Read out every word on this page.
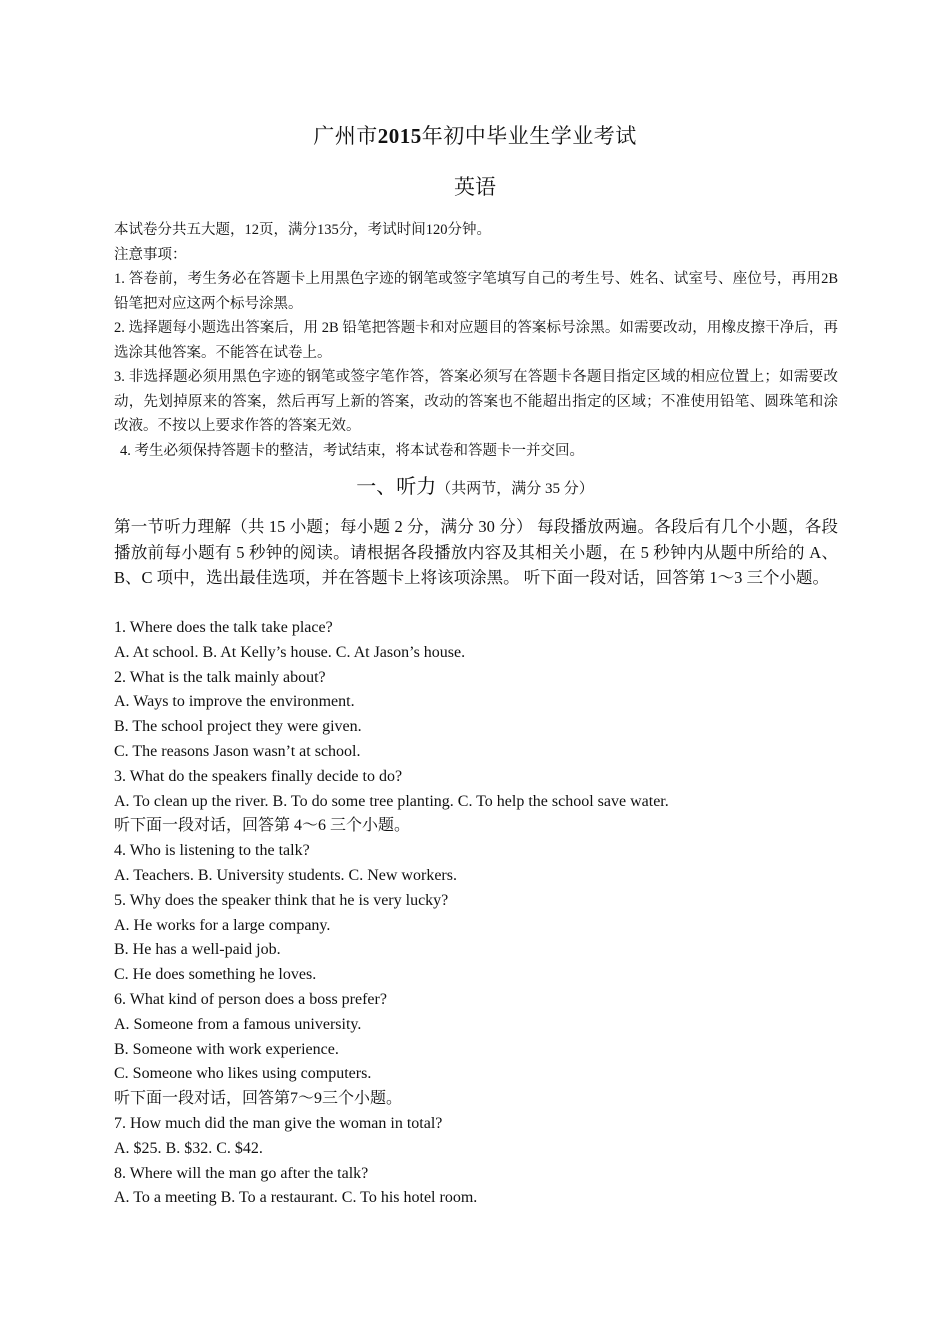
广州市2015年初中毕业生学业考试
英语
本试卷分共五大题，12页，满分135分，考试时间120分钟。
注意事项：
1. 答卷前，考生务必在答题卡上用黑色字迹的钢笔或签字笔填写自己的考生号、姓名、试室号、座位号，再用2B铅笔把对应这两个标号涂黑。
2. 选择题每小题选出答案后，用 2B 铅笔把答题卡和对应题目的答案标号涂黑。如需要改动，用橡皮擦干净后，再选涂其他答案。不能答在试卷上。
3. 非选择题必须用黑色字迹的钢笔或签字笔作答，答案必须写在答题卡各题目指定区域的相应位置上；如需要改动，先划掉原来的答案，然后再写上新的答案，改动的答案也不能超出指定的区域；不准使用铅笔、圆珠笔和涂改液。不按以上要求作答的答案无效。
4. 考生必须保持答题卡的整洁，考试结束，将本试卷和答题卡一并交回。
一、听力（共两节，满分 35 分）
第一节听力理解（共 15 小题；每小题 2 分，满分 30 分） 每段播放两遍。各段后有几个小题，各段播放前每小题有 5 秒钟的阅读。请根据各段播放内容及其相关小题，在 5 秒钟内从题中所给的 A、B、C 项中，选出最佳选项，并在答题卡上将该项涂黑。 听下面一段对话，回答第 1～3 三个小题。
1. Where does the talk take place?
A. At school. B. At Kelly’s house. C. At Jason’s house.
2. What is the talk mainly about?
A. Ways to improve the environment.
B. The school project they were given.
C. The reasons Jason wasn’t at school.
3. What do the speakers finally decide to do?
A. To clean up the river. B. To do some tree planting. C. To help the school save water.
听下面一段对话，回答第 4～6 三个小题。
4. Who is listening to the talk?
A. Teachers. B. University students. C. New workers.
5. Why does the speaker think that he is very lucky?
A. He works for a large company.
B. He has a well-paid job.
C. He does something he loves.
6. What kind of person does a boss prefer?
A. Someone from a famous university.
B. Someone with work experience.
C. Someone who likes using computers.
听下面一段对话，回答第7～9三个小题。
7. How much did the man give the woman in total?
A. $25. B. $32. C. $42.
8. Where will the man go after the talk?
A. To a meeting B. To a restaurant. C. To his hotel room.
